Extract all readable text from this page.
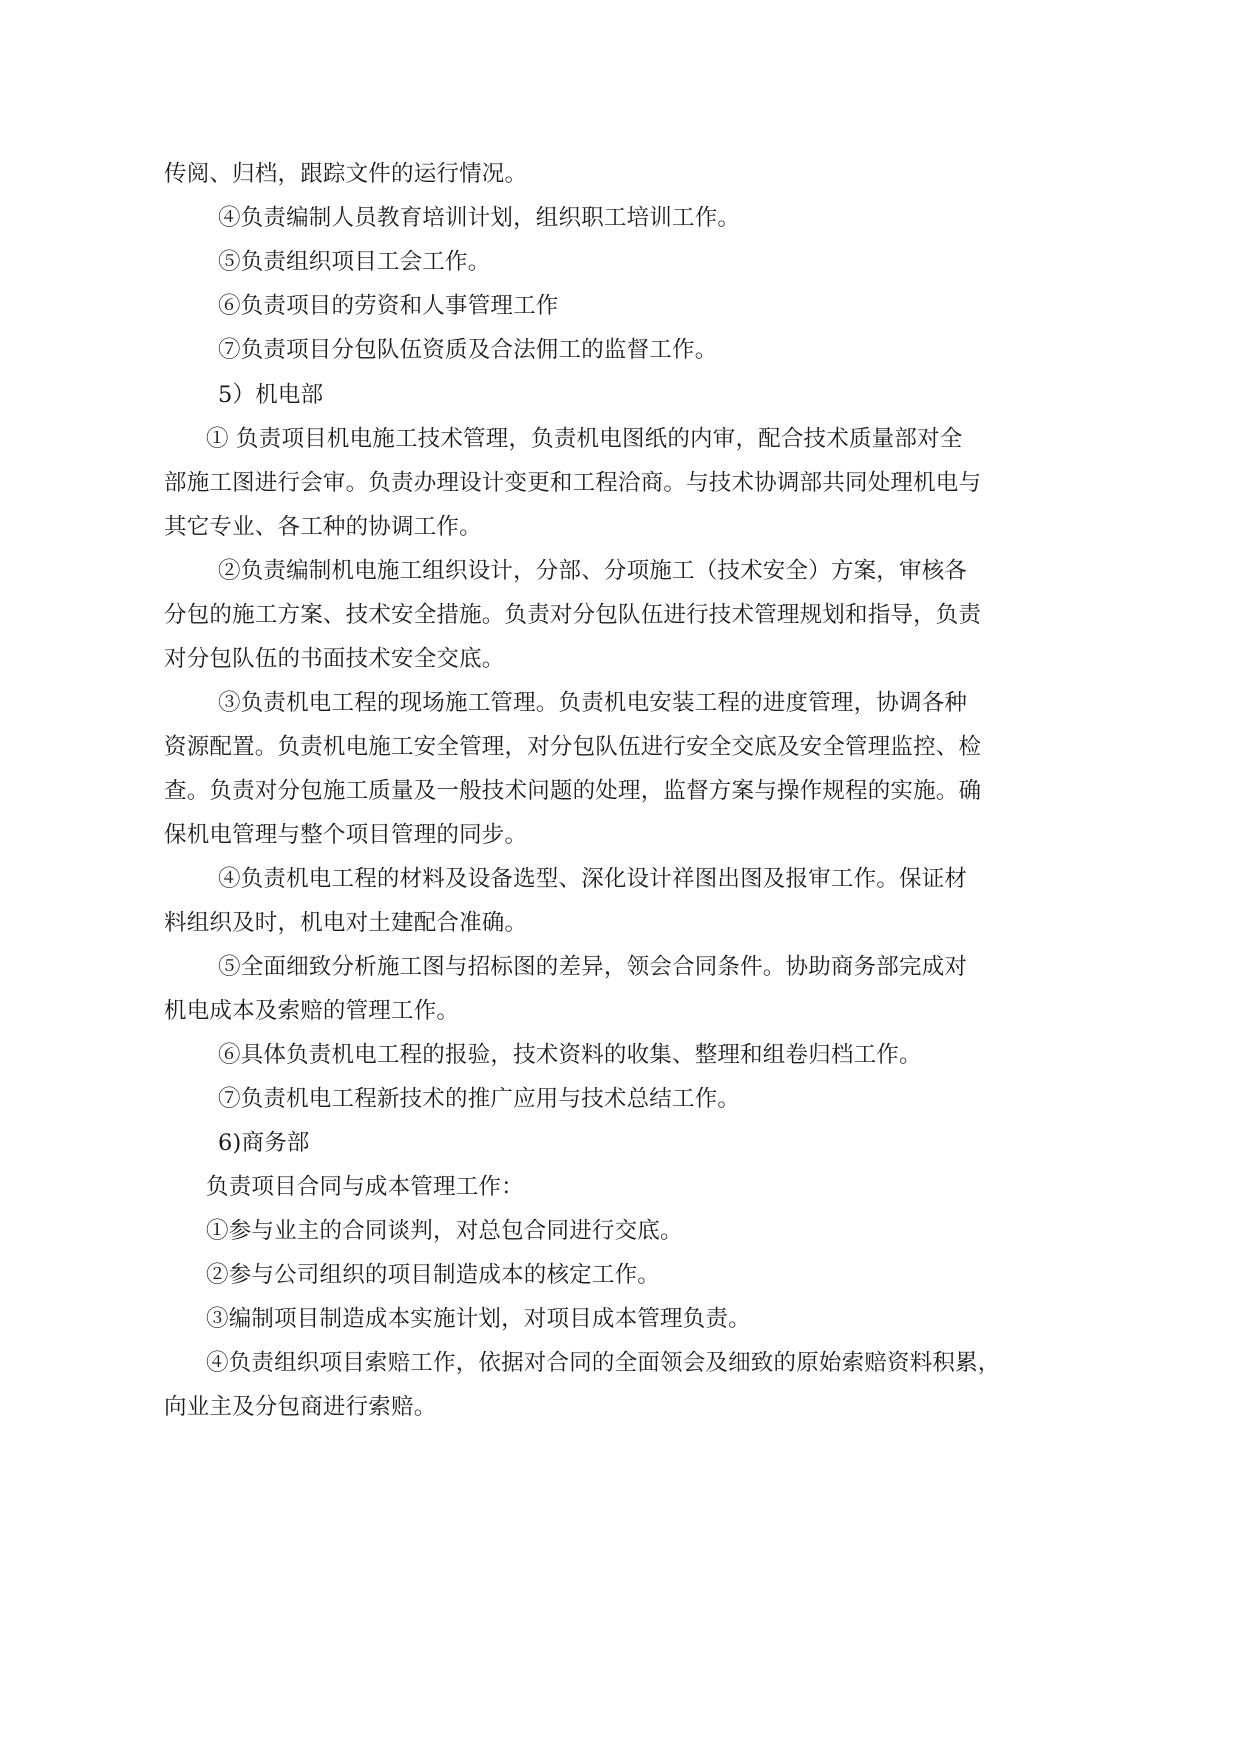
传阅、归档，跟踪文件的运行情况。
④负责编制人员教育培训计划，组织职工培训工作。
⑤负责组织项目工会工作。
⑥负责项目的劳资和人事管理工作
⑦负责项目分包队伍资质及合法佣工的监督工作。
5）机电部
① 负责项目机电施工技术管理，负责机电图纸的内审，配合技术质量部对全
部施工图进行会审。负责办理设计变更和工程洽商。与技术协调部共同处理机电与
其它专业、各工种的协调工作。
②负责编制机电施工组织设计，分部、分项施工（技术安全）方案，审核各
分包的施工方案、技术安全措施。负责对分包队伍进行技术管理规划和指导，负责
对分包队伍的书面技术安全交底。
③负责机电工程的现场施工管理。负责机电安装工程的进度管理，协调各种
资源配置。负责机电施工安全管理，对分包队伍进行安全交底及安全管理监控、检
查。负责对分包施工质量及一般技术问题的处理，监督方案与操作规程的实施。确
保机电管理与整个项目管理的同步。
④负责机电工程的材料及设备选型、深化设计祥图出图及报审工作。保证材
料组织及时，机电对土建配合准确。
⑤全面细致分析施工图与招标图的差异，领会合同条件。协助商务部完成对
机电成本及索赔的管理工作。
⑥具体负责机电工程的报验，技术资料的收集、整理和组卷归档工作。
⑦负责机电工程新技术的推广应用与技术总结工作。
6)商务部
负责项目合同与成本管理工作：
①参与业主的合同谈判，对总包合同进行交底。
②参与公司组织的项目制造成本的核定工作。
③编制项目制造成本实施计划，对项目成本管理负责。
④负责组织项目索赔工作，依据对合同的全面领会及细致的原始索赔资料积累，
向业主及分包商进行索赔。
